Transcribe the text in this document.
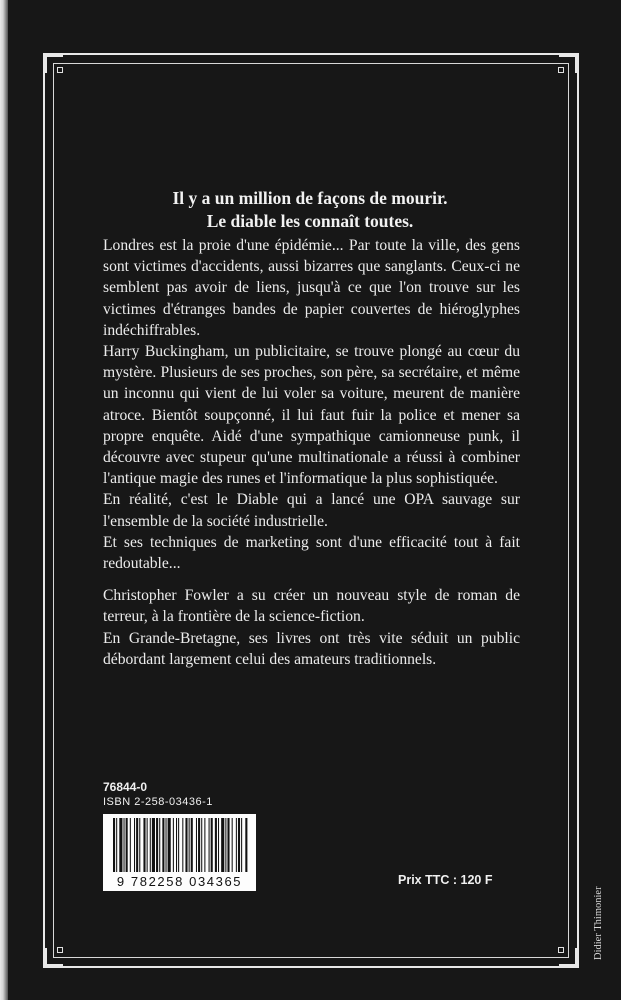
Il y a un million de façons de mourir.
Le diable les connaît toutes.

Londres est la proie d'une épidémie... Par toute la ville, des gens sont victimes d'accidents, aussi bizarres que sanglants. Ceux-ci ne semblent pas avoir de liens, jusqu'à ce que l'on trouve sur les victimes d'étranges bandes de papier couvertes de hiéroglyphes indéchiffrables.

Harry Buckingham, un publicitaire, se trouve plongé au cœur du mystère. Plusieurs de ses proches, son père, sa secrétaire, et même un inconnu qui vient de lui voler sa voiture, meurent de manière atroce. Bientôt soupçonné, il lui faut fuir la police et mener sa propre enquête. Aidé d'une sympathique camionneuse punk, il découvre avec stupeur qu'une multinationale a réussi à combiner l'antique magie des runes et l'informatique la plus sophistiquée.

En réalité, c'est le Diable qui a lancé une OPA sauvage sur l'ensemble de la société industrielle.

Et ses techniques de marketing sont d'une efficacité tout à fait redoutable...

Christopher Fowler a su créer un nouveau style de roman de terreur, à la frontière de la science-fiction.

En Grande-Bretagne, ses livres ont très vite séduit un public débordant largement celui des amateurs traditionnels.

76844-0
ISBN 2-258-03436-1
9 782258 034365	Prix TTC : 120 F
Didier Thimonier
